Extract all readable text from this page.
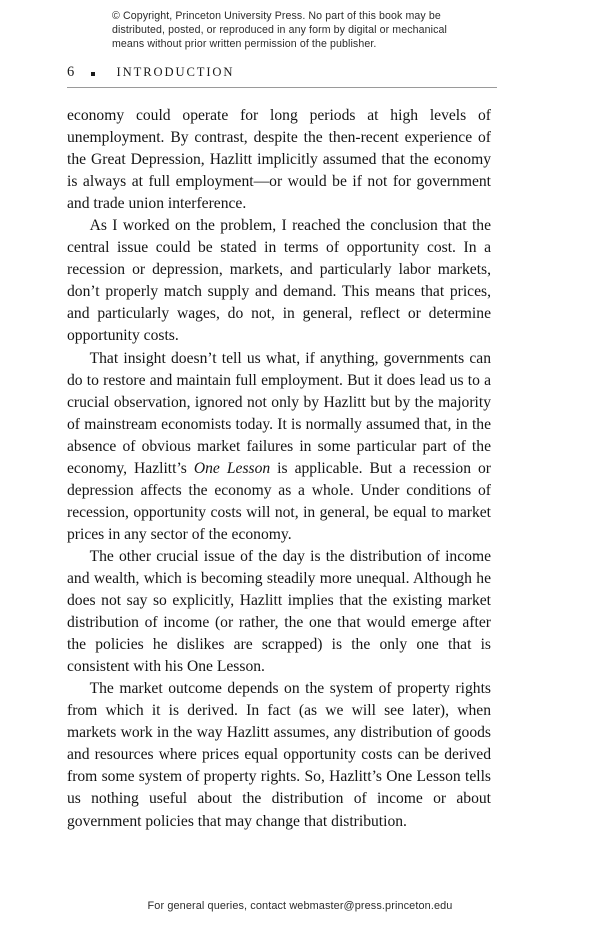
© Copyright, Princeton University Press. No part of this book may be
distributed, posted, or reproduced in any form by digital or mechanical
means without prior written permission of the publisher.
6	INTRODUCTION

economy could operate for long periods at high levels of unemployment. By contrast, despite the then-recent experience of the Great Depression, Hazlitt implicitly assumed that the economy is always at full employment—or would be if not for government and trade union interference.

As I worked on the problem, I reached the conclusion that the central issue could be stated in terms of opportunity cost. In a recession or depression, markets, and particularly labor markets, don’t properly match supply and demand. This means that prices, and particularly wages, do not, in general, reflect or determine opportunity costs.

That insight doesn’t tell us what, if anything, governments can do to restore and maintain full employment. But it does lead us to a crucial observation, ignored not only by Hazlitt but by the majority of mainstream economists today. It is normally assumed that, in the absence of obvious market failures in some particular part of the economy, Hazlitt’s One Lesson is applicable. But a recession or depression affects the economy as a whole. Under conditions of recession, opportunity costs will not, in general, be equal to market prices in any sector of the economy.

The other crucial issue of the day is the distribution of income and wealth, which is becoming steadily more unequal. Although he does not say so explicitly, Hazlitt implies that the existing market distribution of income (or rather, the one that would emerge after the policies he dislikes are scrapped) is the only one that is consistent with his One Lesson.

The market outcome depends on the system of property rights from which it is derived. In fact (as we will see later), when markets work in the way Hazlitt assumes, any distribution of goods and resources where prices equal opportunity costs can be derived from some system of property rights. So, Hazlitt’s One Lesson tells us nothing useful about the distribution of income or about government policies that may change that distribution.

For general queries, contact webmaster@press.princeton.edu
